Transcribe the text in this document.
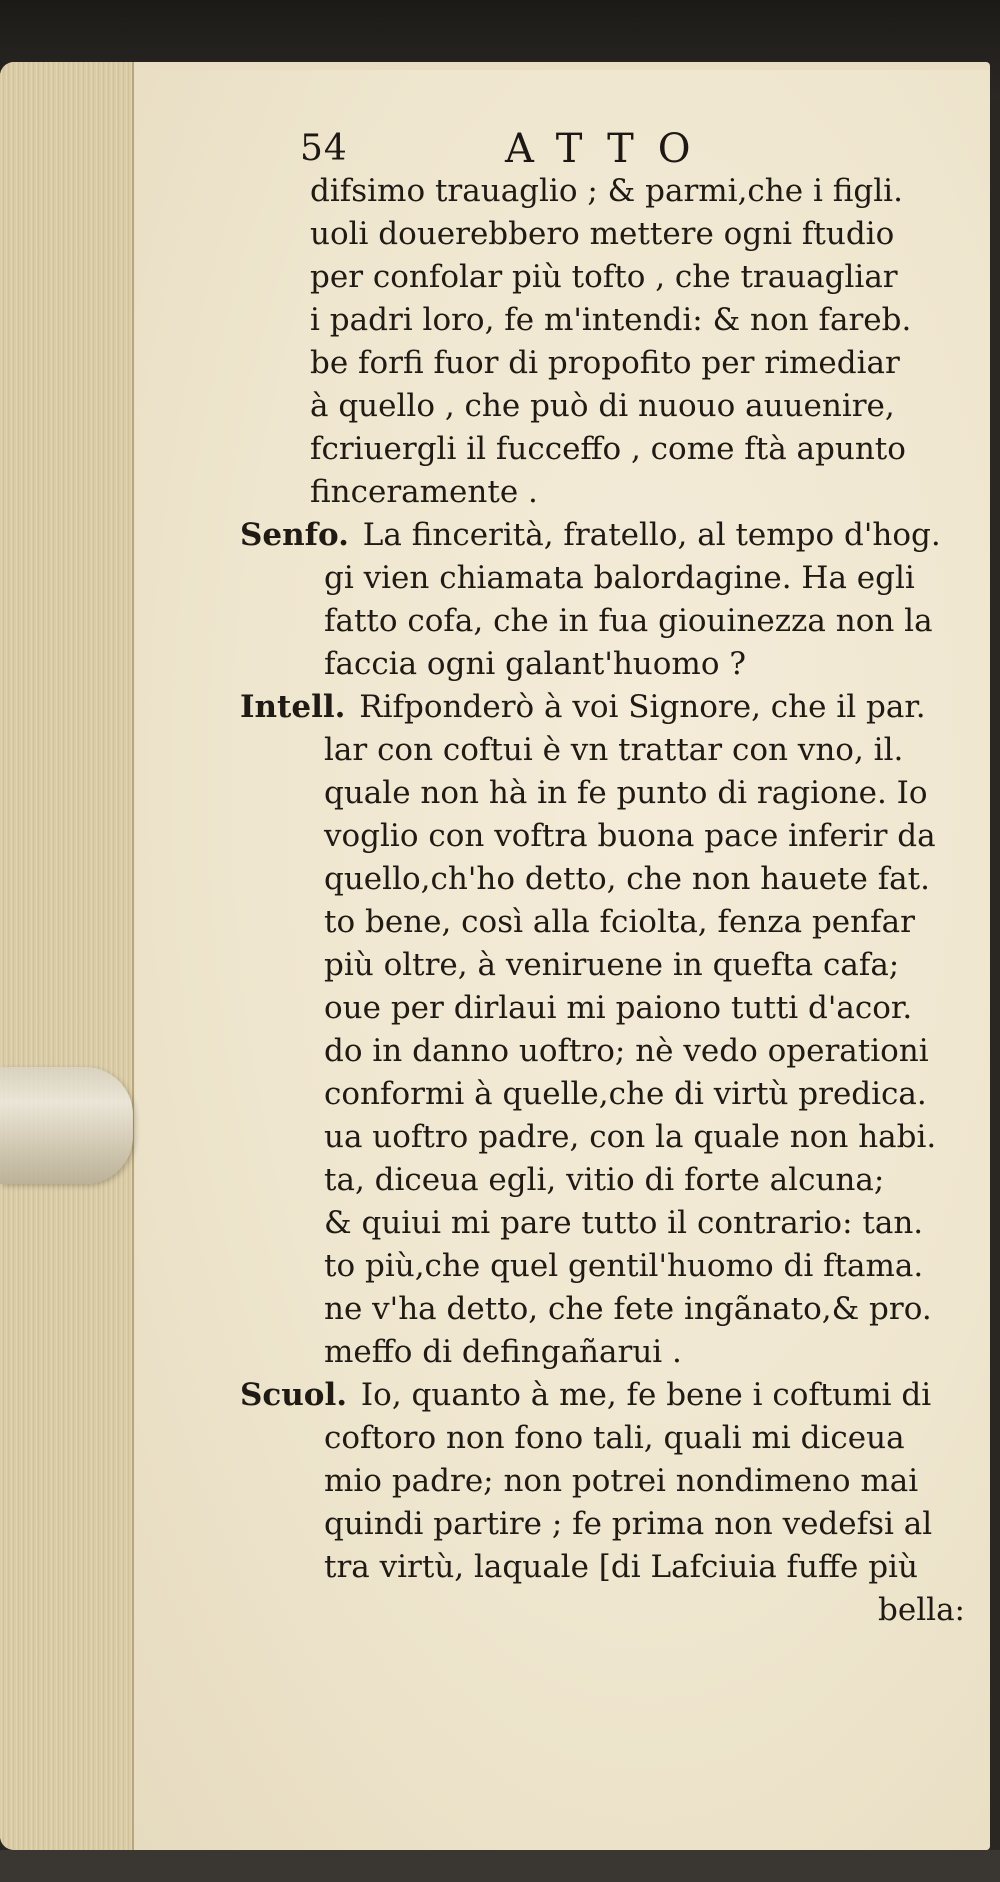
54	ATTO
difsimo trauaglio ; & parmi,che i figli.
uoli douerebbero mettere ogni ftudio
per confolar più tofto , che trauagliar
i padri loro, fe m'intendi: & non fareb.
be forfi fuor di propofito per rimediar
à quello , che può di nuouo auuenire,
fcriuergli il fucceffo , come ftà apunto
finceramente .
Senfo. La fincerità, fratello, al tempo d'hog.
gi vien chiamata balordagine. Ha egli
fatto cofa, che in fua giouinezza non la
faccia ogni galant'huomo ?
Intell. Rifponderò à voi Signore, che il par.
lar con coftui è vn trattar con vno, il.
quale non hà in fe punto di ragione. Io
voglio con voftra buona pace inferir da
quello,ch'ho detto, che non hauete fat.
to bene, così alla fciolta, fenza penfar
più oltre, à veniruene in quefta cafa;
oue per dirlaui mi paiono tutti d'acor.
do in danno uoftro; nè vedo operationi
conformi à quelle,che di virtù predica.
ua uoftro padre, con la quale non habi.
ta, diceua egli, vitio di forte alcuna;
& quiui mi pare tutto il contrario: tan.
to più,che quel gentil'huomo di ftama.
ne v'ha detto, che fete ingãnato,& pro.
meffo di defingañarui .
Scuol. Io, quanto à me, fe bene i coftumi di
coftoro non fono tali, quali mi diceua
mio padre; non potrei nondimeno mai
quindi partire ; fe prima non vedefsi al
tra virtù, laquale [di Lafciuia fuffe più
bella:
